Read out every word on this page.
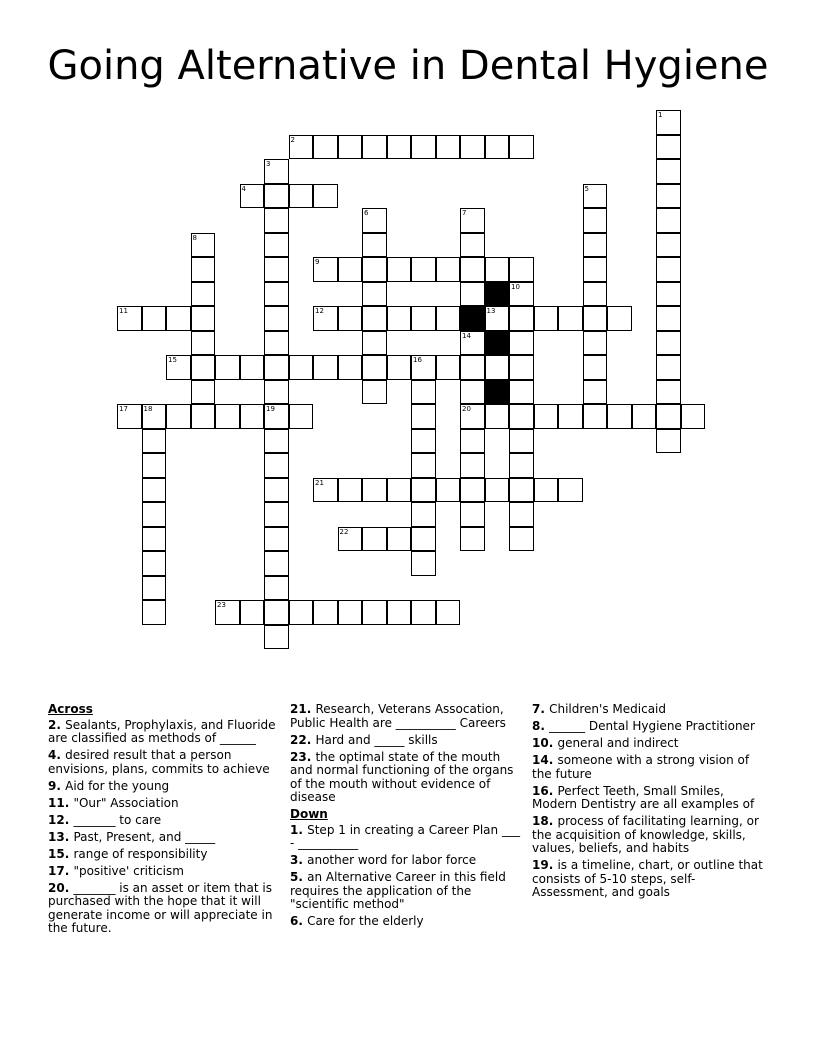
Going Alternative in Dental Hygiene
1
2
3
19
4	5
6	7
8
9
10
11	12	13
14
15	16
17 18	20
21
22
23
Across
2. Sealants, Prophylaxis, and Fluoride are classified as methods of ______
4. desired result that a person envisions, plans, commits to achieve
9. Aid for the young
11. "Our" Association
12. _______ to care
13. Past, Present, and _____
15. range of responsibility
17. "positive' criticism
20. _______ is an asset or item that is purchased with the hope that it will generate income or will appreciate in the future.
21. Research, Veterans Assocation, Public Health are __________ Careers
22. Hard and _____ skills
23. the optimal state of the mouth and normal functioning of the organs of the mouth without evidence of disease
Down
1. Step 1 in creating a Career Plan ___ - __________
3. another word for labor force
5. an Alternative Career in this field requires the application of the "scientific method"
6. Care for the elderly
7. Children's Medicaid
8. ______ Dental Hygiene Practitioner
10. general and indirect
14. someone with a strong vision of the future
16. Perfect Teeth, Small Smiles, Modern Dentistry are all examples of
18. process of facilitating learning, or the acquisition of knowledge, skills, values, beliefs, and habits
19. is a timeline, chart, or outline that consists of 5-10 steps, self-Assessment, and goals
